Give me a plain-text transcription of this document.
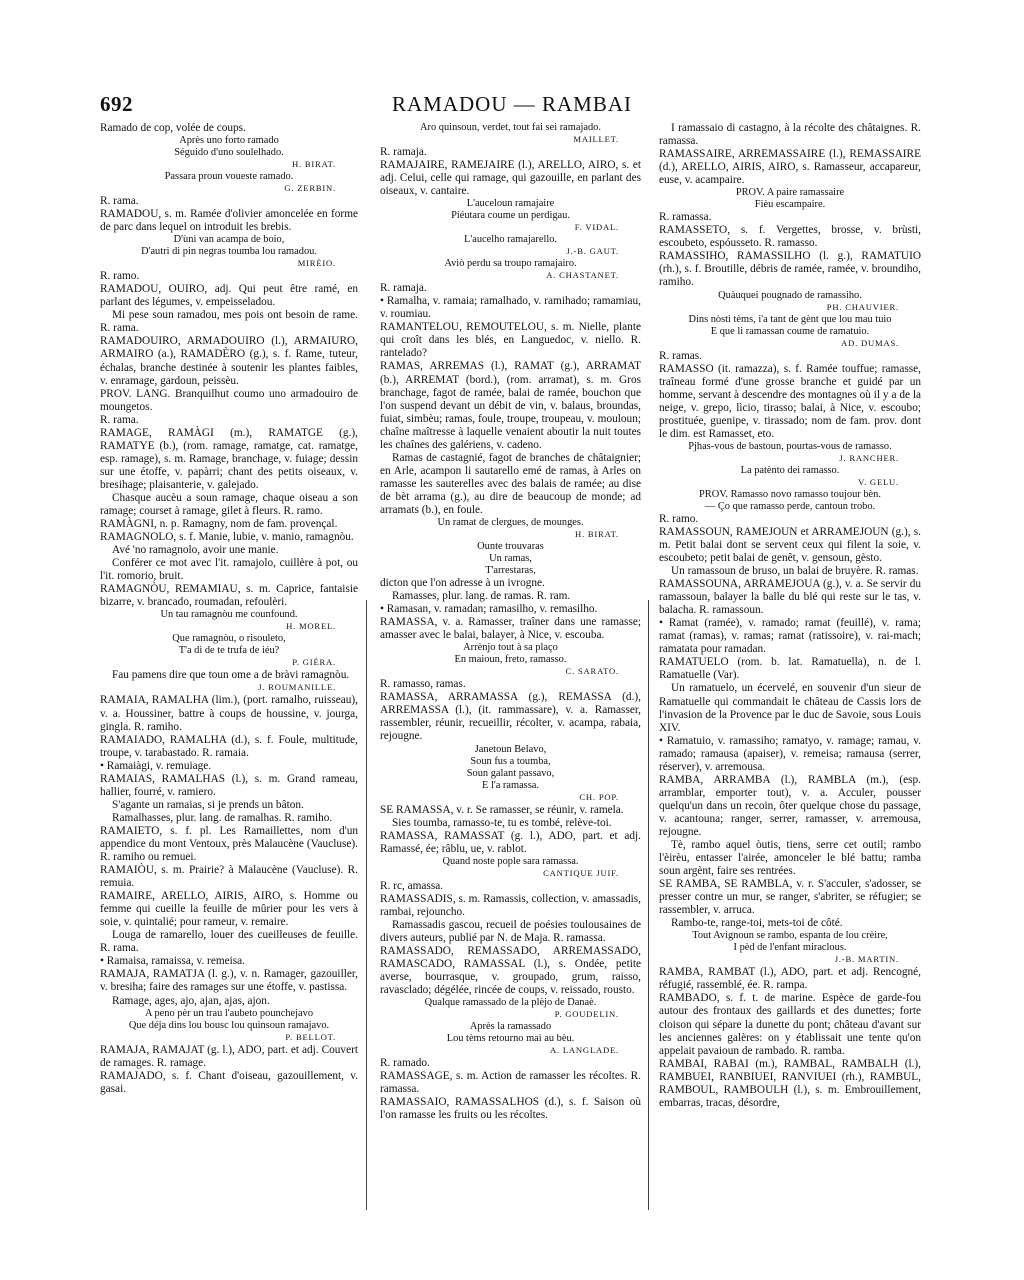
692	RAMADOU — RAMBAI
Ramado de cop, volée de coups.
Après uno forto ramado
Séguido d'uno soulelhado.
H. BIRAT.
Passara proun voueste ramado.
G. ZERBIN.
R. rama.
RAMADOU, s. m. Ramée d'olivier amoncelée en forme de parc dans lequel on introduit les brebis.
D'ùni van acampa de boio,
D'autri di pin negras toumba lou ramadou.
MIRÈIO.
R. ramo.
RAMADOU, OUIRO, adj. Qui peut être ramé, en parlant des légumes, v. empeisseladou.
Mi pese soun ramadou, mes pois ont besoin de rame. R. rama.
RAMADOUIRO, ARMADOUIRO (l.), ARMAIURO, ARMAIRO (a.), RAMADÈRO (g.), s. f. Rame, tuteur, échalas, branche destinée à soutenir les plantes faibles, v. enramage, gardoun, peissèu.
PROV. LANG. Branquilhut coumo uno armadouiro de moungetos.
R. rama.
RAMAGE, RAMÀGI (m.), RAMATGE (g.), RAMATYE (b.), (rom. ramage, ramatge, cat. ramatge, esp. ramage), s. m. Ramage, branchage, v. fuiage; dessin sur une étoffe, v. papàrri; chant des petits oiseaux, v. bresihage; plaisanterie, v. galejado.
Chasque aucèu a soun ramage, chaque oiseau a son ramage; courset à ramage, gilet à fleurs. R. ramo.
RAMÀGNI, n. p. Ramagny, nom de fam. provençal.
RAMAGNOLO, s. f. Manie, lubie, v. manio, ramagnòu.
Avé 'no ramagnolo, avoir une manie.
Conférer ce mot avec l'it. ramajolo, cuillère à pot, ou l'it. romorio, bruit.
RAMAGNÒU, REMAMIAU, s. m. Caprice, fantaisie bizarre, v. brancado, roumadan, refoulèri.
Un tau ramagnòu me counfound.
H. MOREL.
Que ramagnòu, o risouleto,
T'a di de te trufa de iéu?
P. GIÉRA.
Fau pamens dire que toun ome a de bràvi ramagnòu.
J. ROUMANILLE.
RAMAIA, RAMALHA (lim.), (port. ramalho, ruisseau), v. a. Houssiner, battre à coups de houssine, v. jourga, gingla. R. ramiho.
RAMAIADO, RAMALHA (d.), s. f. Foule, multitude, troupe, v. tarabastado. R. ramaia.
• Ramaiàgi, v. remuiage.
RAMAIAS, RAMALHAS (l.), s. m. Grand rameau, hallier, fourré, v. ramiero.
S'agante un ramaias, si je prends un bâton.
Ramalhasses, plur. lang. de ramalhas. R. ramiho.
RAMAIETO, s. f. pl. Les Ramaillettes, nom d'un appendice du mont Ventoux, près Malaucène (Vaucluse). R. ramiho ou remuei.
RAMAIÒU, s. m. Prairie? à Malaucène (Vaucluse). R. remuia.
RAMAIRE, ARELLO, AIRIS, AIRO, s. Homme ou femme qui cueille la feuille de mûrier pour les vers à soie, v. quintalié; pour rameur, v. remaire.
Louga de ramarello, louer des cueilleuses de feuille. R. rama.
• Ramaisa, ramaissa, v. remeisa.
RAMAJA, RAMATJA (l. g.), v. n. Ramager, gazouiller, v. bresiha; faire des ramages sur une étoffe, v. pastissa.
Ramage, ages, ajo, ajan, ajas, ajon.
A peno pèr un trau l'aubeto pounchejavo
Que déja dins lou bousc lou quinsoun ramajavo.
P. BELLOT.
RAMAJA, RAMAJAT (g. l.), ADO, part. et adj. Couvert de ramages. R. ramage.
RAMAJADO, s. f. Chant d'oiseau, gazouillement, v. gasai.
Aro quinsoun, verdet, tout fai sei ramajado.
MAILLET.
R. ramaja.
RAMAJAIRE, RAMEJAIRE (l.), ARELLO, AIRO, s. et adj. Celui, celle qui ramage, qui gazouille, en parlant des oiseaux, v. cantaire.
L'auceloun ramajaire
Piéutara coume un perdigau.
F. VIDAL.
L'aucelho ramajarello.
J.-B. GAUT.
Avìò perdu sa troupo ramajairo.
A. CHASTANET.
R. ramaja.
• Ramalha, v. ramaia; ramalhado, v. ramihado; ramamiau, v. roumiau.
RAMANTELOU, REMOUTELOU, s. m. Nielle, plante qui croît dans les blés, en Languedoc, v. niello. R. rantelado?
RAMAS, ARREMAS (l.), RAMAT (g.), ARRAMAT (b.), ARREMAT (bord.), (rom. arramat), s. m. Gros branchage, fagot de ramée, balai de ramée, bouchon que l'on suspend devant un débit de vin, v. balaus, broundas, fuiat, simbèu; ramas, foule, troupe, troupeau, v. mouloun; chaîne maîtresse à laquelle venaient aboutir la nuit toutes les chaînes des galériens, v. cadeno.
Ramas de castagnié, fagot de branches de châtaignier; en Arle, acampon li sautarello emé de ramas, à Arles on ramasse les sauterelles avec des balais de ramée; au dise de bèt arrama (g.), au dire de beaucoup de monde; ad arramats (b.), en foule.
Un ramat de clergues, de mounges.
H. BIRAT.
Ounte trouvaras
Un ramas,
T'arrestaras,
dicton que l'on adresse à un ivrogne.
Ramasses, plur. lang. de ramas. R. ram.
• Ramasan, v. ramadan; ramasilho, v. remasilho.
RAMASSA, v. a. Ramasser, traîner dans une ramasse; amasser avec le balai, balayer, à Nice, v. escouba.
Arrènjo tout à sa plaço
En maioun, freto, ramasso.
C. SARATO.
R. ramasso, ramas.
RAMASSA, ARRAMASSA (g.), REMASSA (d.), ARREMASSA (l.), (it. rammassare), v. a. Ramasser, rassembler, réunir, recueillir, récolter, v. acampa, rabaia, rejougne.
Janetoun Belavo,
Soun fus a toumba,
Soun galant passavo,
E l'a ramassa.
CH. POP.
SE RAMASSA, v. r. Se ramasser, se réunir, v. ramela.
Sies toumba, ramasso-te, tu es tombé, relève-toi.
RAMASSA, RAMASSAT (g. l.), ADO, part. et adj. Ramassé, ée; râblu, ue, v. rablot.
Quand noste pople sara ramassa.
CANTIQUE JUIF.
R. rc, amassa.
RAMASSADIS, s. m. Ramassis, collection, v. amassadis, rambai, rejouncho.
Ramassadis gascou, recueil de poésies toulousaines de divers auteurs, publié par N. de Maja. R. ramassa.
RAMASSADO, REMASSADO, ARREMASSADO, RAMASCADO, RAMASSAL (l.), s. Ondée, petite averse, bourrasque, v. groupado, grum, raisso, ravasclado; dégélée, rincée de coups, v. reissado, rousto.
Qualque ramassado de la plèjo de Danaè.
P. GOUDELIN.
Après la ramassado
Lou tèms retourno mai au bèu.
A. LANGLADE.
R. ramado.
RAMASSAGE, s. m. Action de ramasser les récoltes. R. ramassa.
RAMASSAIO, RAMASSALHOS (d.), s. f. Saison où l'on ramasse les fruits ou les récoltes.
I ramassaio di castagno, à la récolte des châtaignes. R. ramassa.
RAMASSAIRE, ARREMASSAIRE (l.), REMASSAIRE (d.), ARELLO, AIRIS, AIRO, s. Ramasseur, accapareur, euse, v. acampaire.
PROV. A paire ramassaire
Fièu escampaire.
R. ramassa.
RAMASSETO, s. f. Vergettes, brosse, v. brùsti, escoubeto, espóusseto. R. ramasso.
RAMASSIHO, RAMASSILHO (l. g.), RAMATUIO (rh.), s. f. Broutille, débris de ramée, ramée, v. broundiho, ramiho.
Quàuquei pougnado de ramassiho.
PH. CHAUVIER.
Dins nòsti tèms, i'a tant de gènt que lou mau tuio
E que li ramassan coume de ramatuio.
AD. DUMAS.
R. ramas.
RAMASSO (it. ramazza), s. f. Ramée touffue; ramasse, traîneau formé d'une grosse branche et guidé par un homme, servant à descendre des montagnes où il y a de la neige, v. grepo, lìcio, tirasso; balai, à Nice, v. escoubo; prostituée, guenipe, v. tirassado; nom de fam. prov. dont le dim. est Ramasset, eto.
Pjhas-vous de bastoun, pourtas-vous de ramasso.
J. RANCHER.
La patènto dei ramasso.
V. GELU.
PROV. Ramasso novo ramasso toujour bèn.
— Ço que ramasso perde, cantoun trobo.
R. ramo.
RAMASSOUN, RAMEJOUN et ARRAMEJOUN (g.), s. m. Petit balai dont se servent ceux qui filent la soie, v. escoubeto; petit balai de genêt, v. gensoun, gèsto.
Un ramassoun de bruso, un balai de bruyère. R. ramas.
RAMASSOUNA, ARRAMEJOUA (g.), v. a. Se servir du ramassoun, balayer la balle du blé qui reste sur le tas, v. balacha. R. ramassoun.
• Ramat (ramée), v. ramado; ramat (feuillé), v. rama; ramat (ramas), v. ramas; ramat (ratissoire), v. rai-mach; ramatata pour ramadan.
RAMATUELO (rom. b. lat. Ramatuella), n. de l. Ramatuelle (Var).
Un ramatuelo, un écervelé, en souvenir d'un sieur de Ramatuelle qui commandait le château de Cassis lors de l'invasion de la Provence par le duc de Savoie, sous Louis XIV.
• Ramatuio, v. ramassiho; ramatyo, v. ramage; ramau, v. ramado; ramausa (apaiser), v. remeisa; ramausa (serrer, réserver), v. arremousa.
RAMBA, ARRAMBA (l.), RAMBLA (m.), (esp. arramblar, emporter tout), v. a. Acculer, pousser quelqu'un dans un recoin, ôter quelque chose du passage, v. acantouna; ranger, serrer, ramasser, v. arremousa, rejougne.
Tè, rambo aquel òutis, tiens, serre cet outil; rambo l'èirèu, entasser l'airée, amonceler le blé battu; ramba soun argènt, faire ses rentrées.
SE RAMBA, SE RAMBLA, v. r. S'acculer, s'adosser, se presser contre un mur, se ranger, s'abriter, se réfugier; se rassembler, v. arruca.
Rambo-te, range-toi, mets-toi de côté.
Tout Avignoun se rambo, espanta de lou crèire,
I pèd de l'enfant miraclous.
J.-B. MARTIN.
RAMBA, RAMBAT (l.), ADO, part. et adj. Rencogné, réfugié, rassemblé, ée. R. rampa.
RAMBADO, s. f. t. de marine. Espèce de garde-fou autour des frontaux des gaillards et des dunettes; forte cloison qui sépare la dunette du pont; château d'avant sur les anciennes galères: on y établissait une tente qu'on appelait pavaioun de rambado. R. ramba.
RAMBAI, RABAI (m.), RAMBAL, RAMBALH (l.), RAMBUEI, RANBIUEI, RANVIUEI (rh.), RAMBUL, RAMBOUL, RAMBOULH (l.), s. m. Embrouillement, embarras, tracas, désordre,
